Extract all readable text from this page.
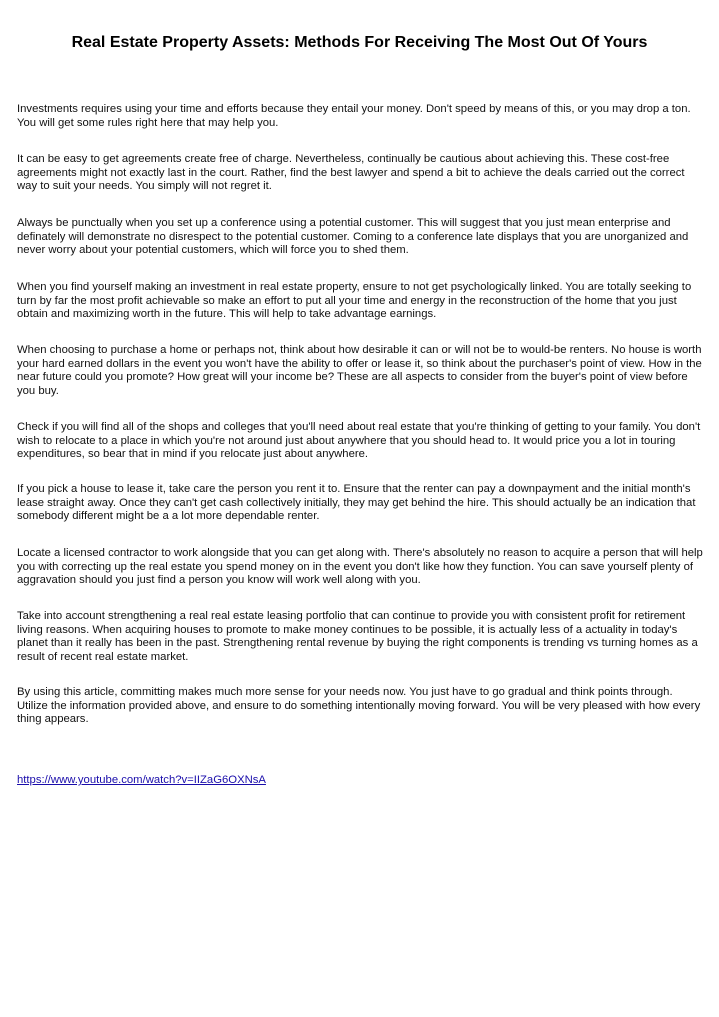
Real Estate Property Assets: Methods For Receiving The Most Out Of Yours

Investments requires using your time and efforts because they entail your money. Don't speed by means of this, or you may drop a ton. You will get some rules right here that may help you.

It can be easy to get agreements create free of charge. Nevertheless, continually be cautious about achieving this. These cost-free agreements might not exactly last in the court. Rather, find the best lawyer and spend a bit to achieve the deals carried out the correct way to suit your needs. You simply will not regret it.

Always be punctually when you set up a conference using a potential customer. This will suggest that you just mean enterprise and definately will demonstrate no disrespect to the potential customer. Coming to a conference late displays that you are unorganized and never worry about your potential customers, which will force you to shed them.

When you find yourself making an investment in real estate property, ensure to not get psychologically linked. You are totally seeking to turn by far the most profit achievable so make an effort to put all your time and energy in the reconstruction of the home that you just obtain and maximizing worth in the future. This will help to take advantage earnings.

When choosing to purchase a home or perhaps not, think about how desirable it can or will not be to would-be renters. No house is worth your hard earned dollars in the event you won't have the ability to offer or lease it, so think about the purchaser's point of view. How in the near future could you promote? How great will your income be? These are all aspects to consider from the buyer's point of view before you buy.

Check if you will find all of the shops and colleges that you'll need about real estate that you're thinking of getting to your family. You don't wish to relocate to a place in which you're not around just about anywhere that you should head to. It would price you a lot in touring expenditures, so bear that in mind if you relocate just about anywhere.

If you pick a house to lease it, take care the person you rent it to. Ensure that the renter can pay a downpayment and the initial month's lease straight away. Once they can't get cash collectively initially, they may get behind the hire. This should actually be an indication that somebody different might be a a lot more dependable renter.

Locate a licensed contractor to work alongside that you can get along with. There's absolutely no reason to acquire a person that will help you with correcting up the real estate you spend money on in the event you don't like how they function. You can save yourself plenty of aggravation should you just find a person you know will work well along with you.

Take into account strengthening a real real estate leasing portfolio that can continue to provide you with consistent profit for retirement living reasons. When acquiring houses to promote to make money continues to be possible, it is actually less of a actuality in today's planet than it really has been in the past. Strengthening rental revenue by buying the right components is trending vs turning homes as a result of recent real estate market.

By using this article, committing makes much more sense for your needs now. You just have to go gradual and think points through. Utilize the information provided above, and ensure to do something intentionally moving forward. You will be very pleased with how every thing appears.

https://www.youtube.com/watch?v=IIZaG6OXNsA
